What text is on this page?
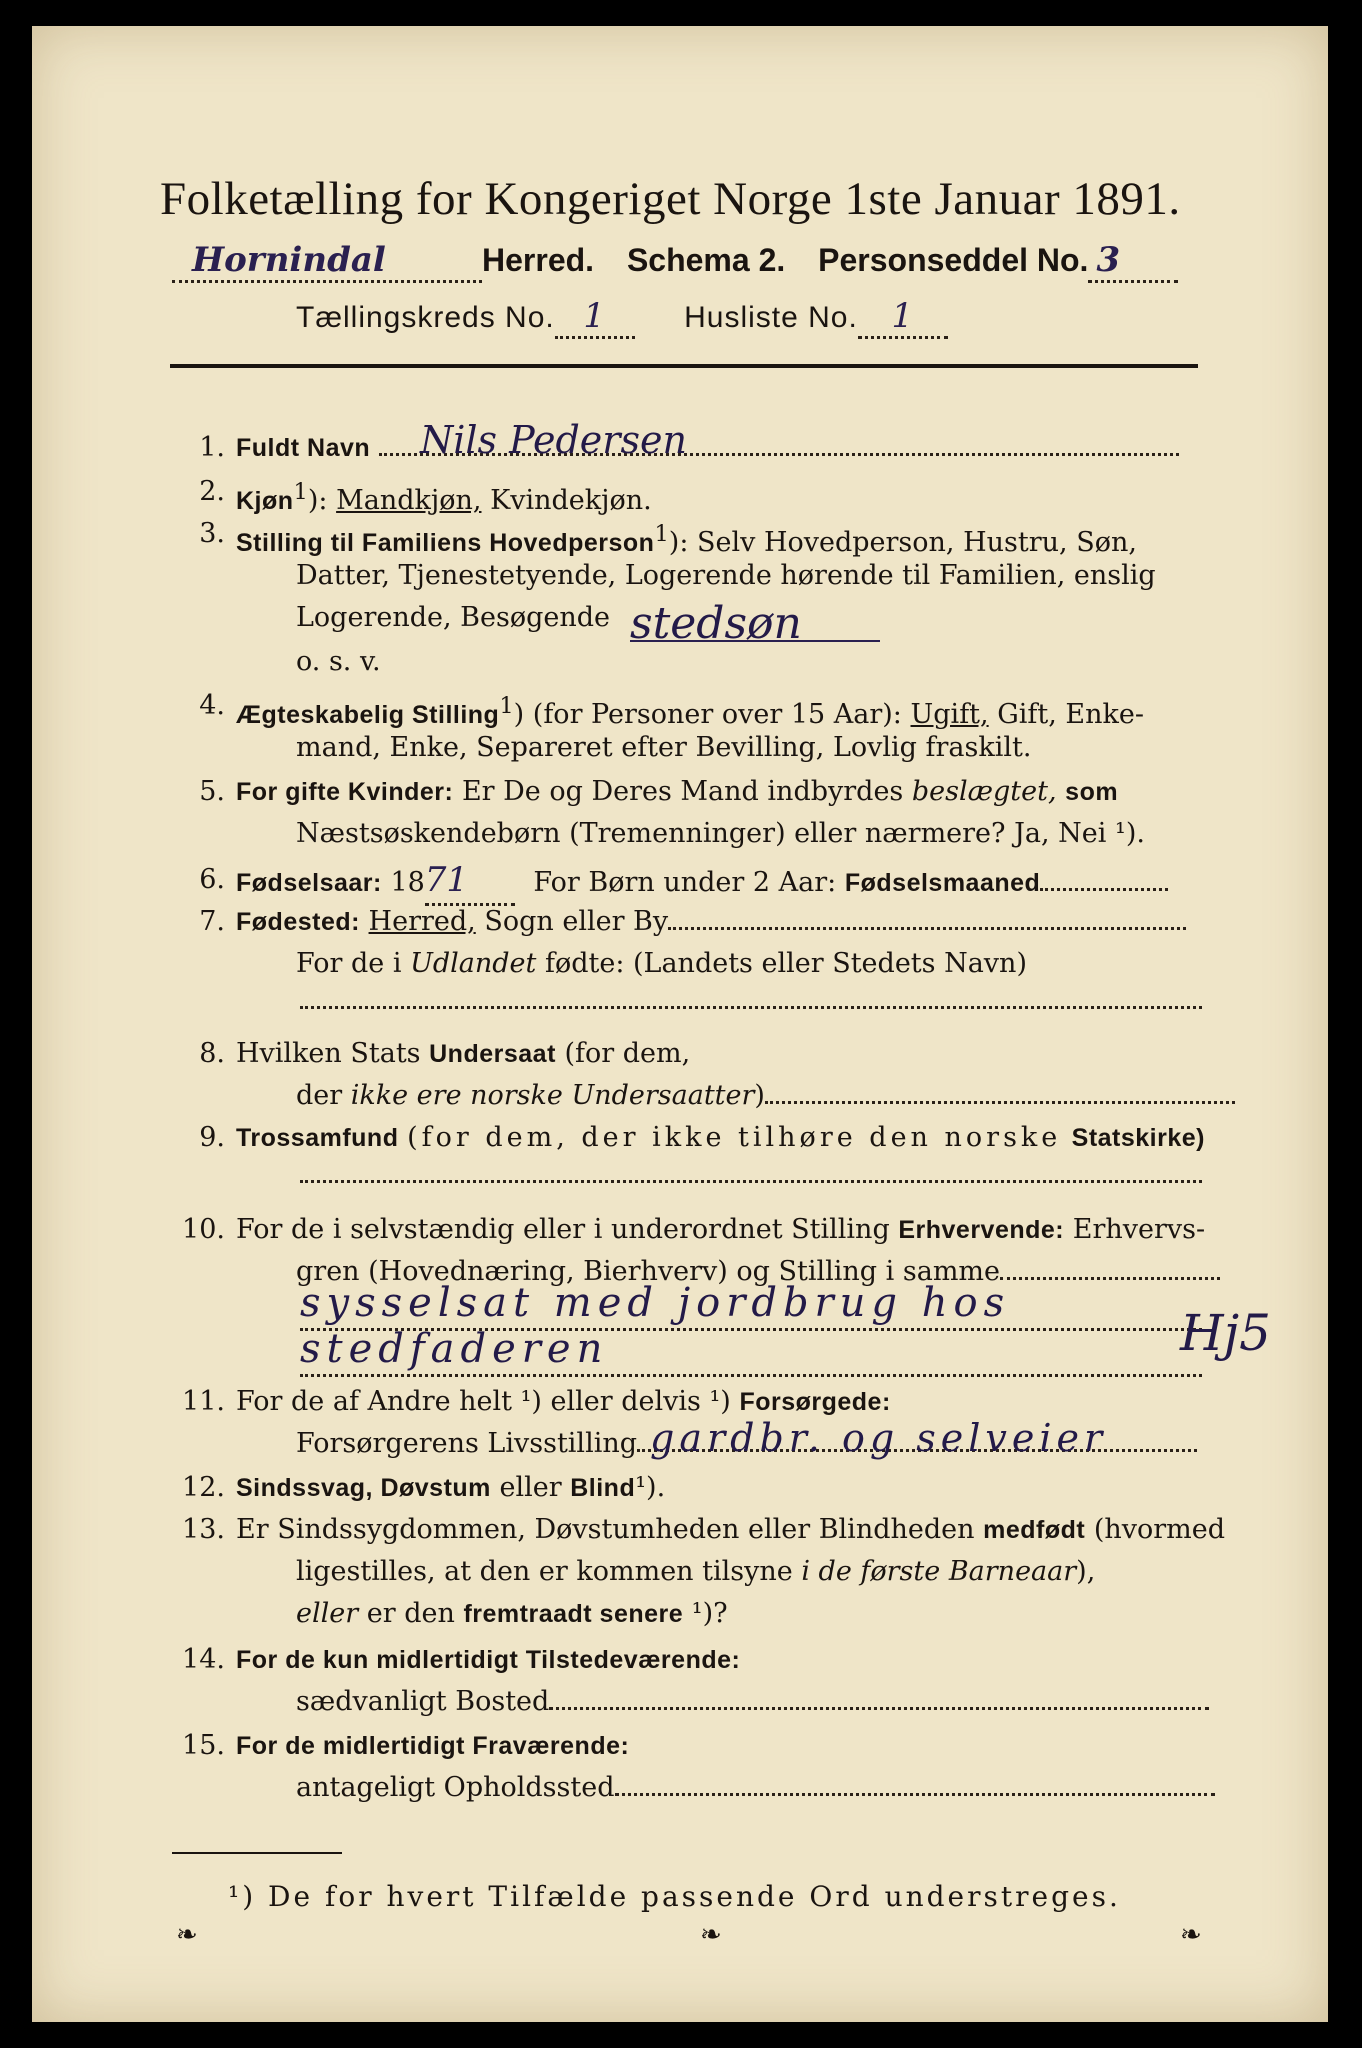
Folketælling for Kongeriget Norge 1ste Januar 1891.
Hornindal	Herred. Schema 2. Personseddel No. 3
Tællingskreds No. 1	Husliste No. 1
1. Fuldt Navn	Nils Pedersen
2. Kjøn$^1$): Mandkjøn, Kvindekjøn.
3. Stilling til Familiens Hovedperson$^1$): Selv Hovedperson, Hustru, Søn,
Datter, Tjenestetyende, Logerende hørende til Familien, enslig
Logerende, Besøgende stedsøn
o. s. v.
4. Ægteskabelig Stilling$^1$) (for Personer over 15 Aar): Ugift, Gift, Enke-
mand, Enke, Separeret efter Bevilling, Lovlig fraskilt.
5. For gifte Kvinder: Er De og Deres Mand indbyrdes beslægtet, som
Næstsøskendebørn (Tremenninger) eller nærmere? Ja, Nei ¹).
6. Fødselsaar: 1871 For Børn under 2 Aar: Fødselsmaaned
7. Fødested: Herred, Sogn eller By
For de i Udlandet fødte: (Landets eller Stedets Navn)
8. Hvilken Stats Undersaat (for dem,
der ikke ere norske Undersaatter)
9. Trossamfund (for dem, der ikke tilhøre den norske Statskirke)
10. For de i selvstændig eller i underordnet Stilling Erhvervende: Erhvervs-
gren (Hovednæring, Bierhverv) og Stilling i samme
sysselsat med jordbrug hos
stedfaderen	Hj5
11. For de af Andre helt ¹) eller delvis ¹) Forsørgede:
Forsørgerens Livsstilling gardbr. og selveier
12. Sindssvag, Døvstum eller Blind¹).
13. Er Sindssygdommen, Døvstumheden eller Blindheden medfødt (hvormed
ligestilles, at den er kommen tilsyne i de første Barneaar),
eller er den fremtraadt senere ¹)?
14. For de kun midlertidigt Tilstedeværende:
sædvanligt Bosted
15. For de midlertidigt Fraværende:
antageligt Opholdssted
¹) De for hvert Tilfælde passende Ord understreges.
❧	❧	❧
